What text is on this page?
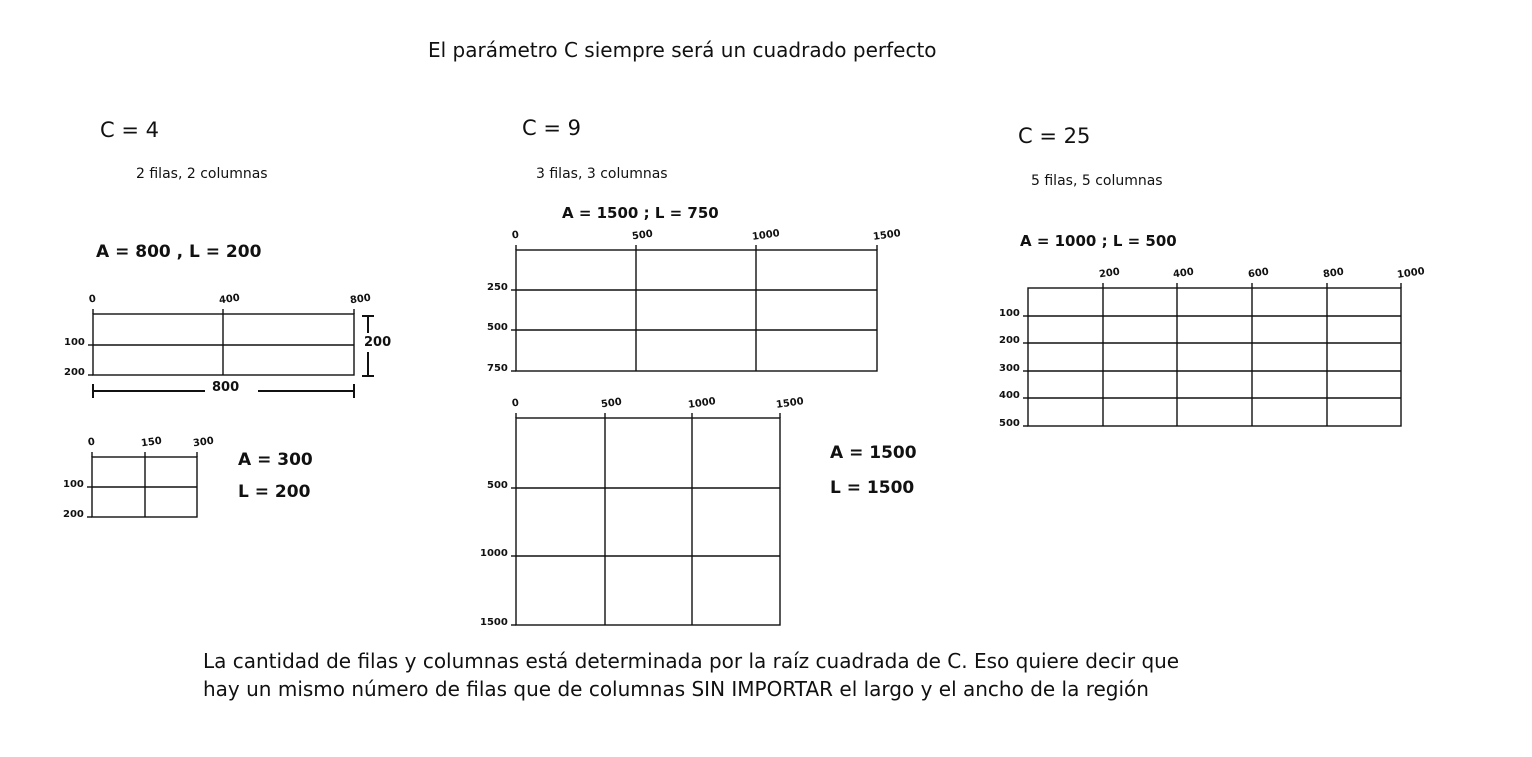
El parámetro C siempre será un cuadrado perfecto
C = 4
2 filas, 2 columnas
A = 800 , L = 200
A = 300
L = 200
800
200
C = 9
3 filas, 3 columnas
A = 1500 ; L = 750
A = 1500
L = 1500
C = 25
5 filas, 5 columnas
A = 1000 ; L = 500
La cantidad de filas y columnas está determinada por la raíz cuadrada de C. Eso quiere decir que
hay un mismo número de filas que de columnas SIN IMPORTAR el largo y el ancho de la región
0	400	800
100
200
0	150	300
100
200
0	500	1000	1500
250
500
750
0	500	1000	1500
500
1000
1500
200	400	600	800	1000
100
200
300
400
500
